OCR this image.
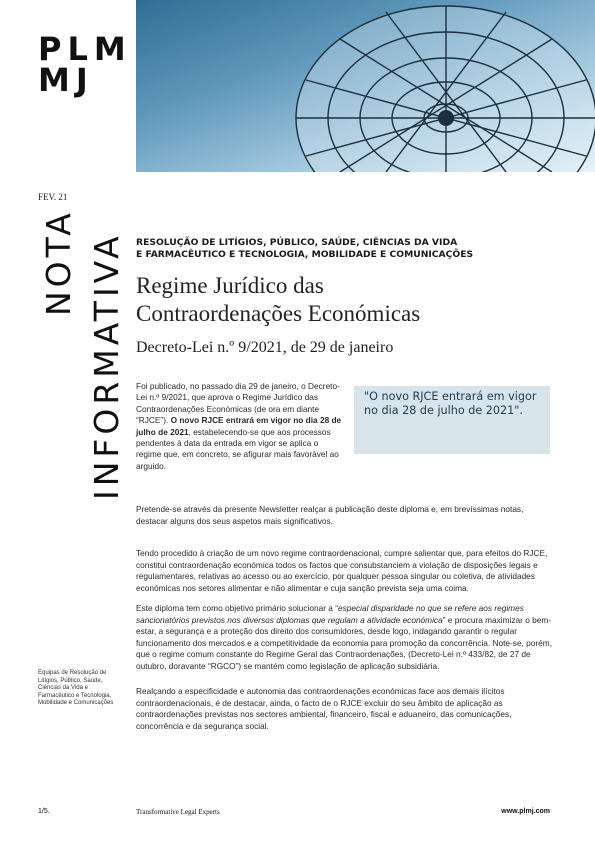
PLM
MJ
FEV. 21
NOTA INFORMATIVA RESOLUÇÃO DE LITÍGIOS, PÚBLICO, SAÚDE, CIÊNCIAS DA VIDA
E FARMACÊUTICO E TECNOLOGIA, MOBILIDADE E COMUNICAÇÕES
Regime Jurídico das
Contraordenações Económicas
Decreto-Lei n.º 9/2021, de 29 de janeiro

Foi publicado, no passado dia 29 de janeiro, o Decreto-Lei n.º 9/2021, que aprova o Regime Jurídico das Contraordenações Económicas (de ora em diante “RJCE”). O novo RJCE entrará em vigor no dia 28 de julho de 2021, estabelecendo-se que aos processos pendentes à data da entrada em vigor se aplica o regime que, em concreto, se afigurar mais favorável ao arguido.

"O novo RJCE entrará em vigor no dia 28 de julho de 2021".

Pretende-se através da presente Newsletter realçar a publicação deste diploma e, em brevíssimas notas, destacar alguns dos seus aspetos mais significativos.

Tendo procedido à criação de um novo regime contraordenacional, cumpre salientar que, para efeitos do RJCE, constitui contraordenação económica todos os factos que consubstanciem a violação de disposições legais e regulamentares, relativas ao acesso ou ao exercício, por qualquer pessoa singular ou coletiva, de atividades económicas nos setores alimentar e não alimentar e cuja sanção prevista seja uma coima.

Este diploma tem como objetivo primário solucionar a “especial disparidade no que se refere aos regimes sancionatórios previstos nos diversos diplomas que regulam a atividade económica” e procura maximizar o bem-estar, a segurança e a proteção dos direito dos consumidores, desde logo, indagando garantir o regular funcionamento dos mercados e a competitividade da economia para promoção da concorrência. Note-se, porém, que o regime comum constante do Regime Geral das Contraordenações, (Decreto-Lei n.º 433/82, de 27 de outubro, doravante “RGCO”) se mantém como legislação de aplicação subsidiária.

Realçando a especificidade e autonomia das contraordenações económicas face aos demais ilícitos contraordenacionais, é de destacar, ainda, o facto de o RJCE excluir do seu âmbito de aplicação as contraordenações previstas nos sectores ambiental, financeiro, fiscal e aduaneiro, das comunicações, concorrência e da segurança social.

Equipas de Resolução de Litígios, Público, Saúde, Ciências da Vida e Farmacêutico e Tecnologia, Mobilidade e Comunicações
1/5.	Transformative Legal Experts	www.plmj.com
